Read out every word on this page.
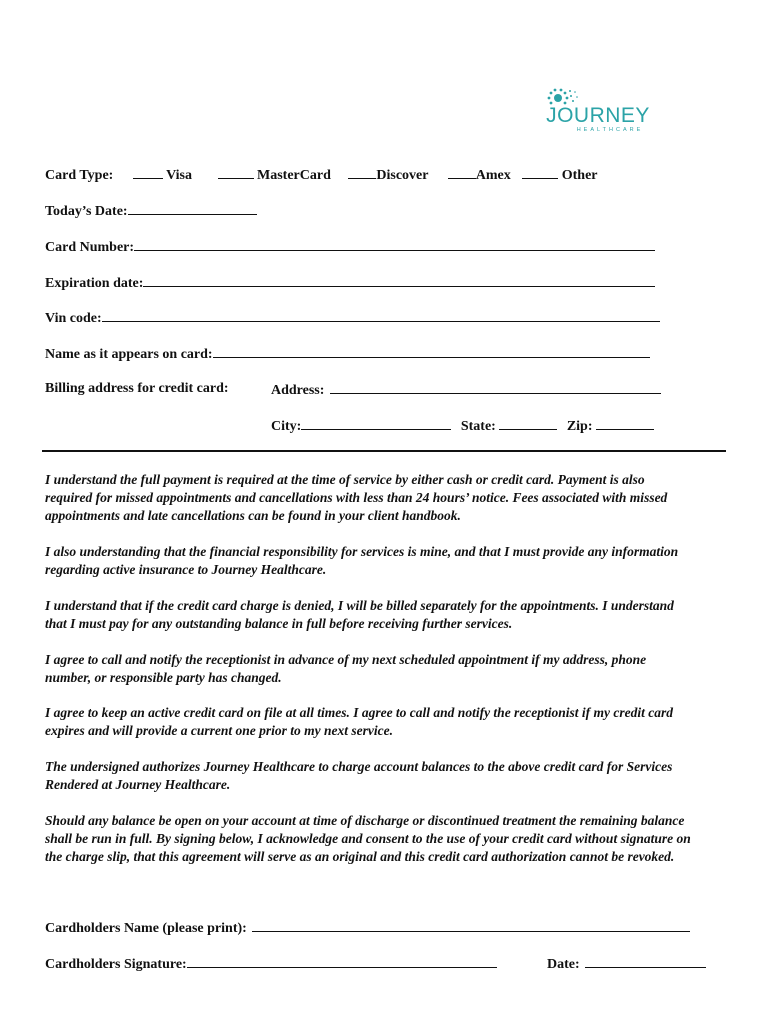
JOURNEY
HEALTHCARE
Card Type:	Visa	MasterCard	Discover	Amex	Other
Today’s Date:
Card Number:
Expiration date:
Vin code:
Name as it appears on card:
Billing address for credit card:	Address:
City:	State:	Zip:
I understand the full payment is required at the time of service by either cash or credit card. Payment is also required for missed appointments and cancellations with less than 24 hours’ notice. Fees associated with missed appointments and late cancellations can be found in your client handbook.
I also understanding that the financial responsibility for services is mine, and that I must provide any information regarding active insurance to Journey Healthcare.
I understand that if the credit card charge is denied, I will be billed separately for the appointments. I understand that I must pay for any outstanding balance in full before receiving further services.
I agree to call and notify the receptionist in advance of my next scheduled appointment if my address, phone number, or responsible party has changed.
I agree to keep an active credit card on file at all times. I agree to call and notify the receptionist if my credit card expires and will provide a current one prior to my next service.
The undersigned authorizes Journey Healthcare to charge account balances to the above credit card for Services Rendered at Journey Healthcare.
Should any balance be open on your account at time of discharge or discontinued treatment the remaining balance shall be run in full. By signing below, I acknowledge and consent to the use of your credit card without signature on the charge slip, that this agreement will serve as an original and this credit card authorization cannot be revoked.
Cardholders Name (please print):
Cardholders Signature:	Date:
